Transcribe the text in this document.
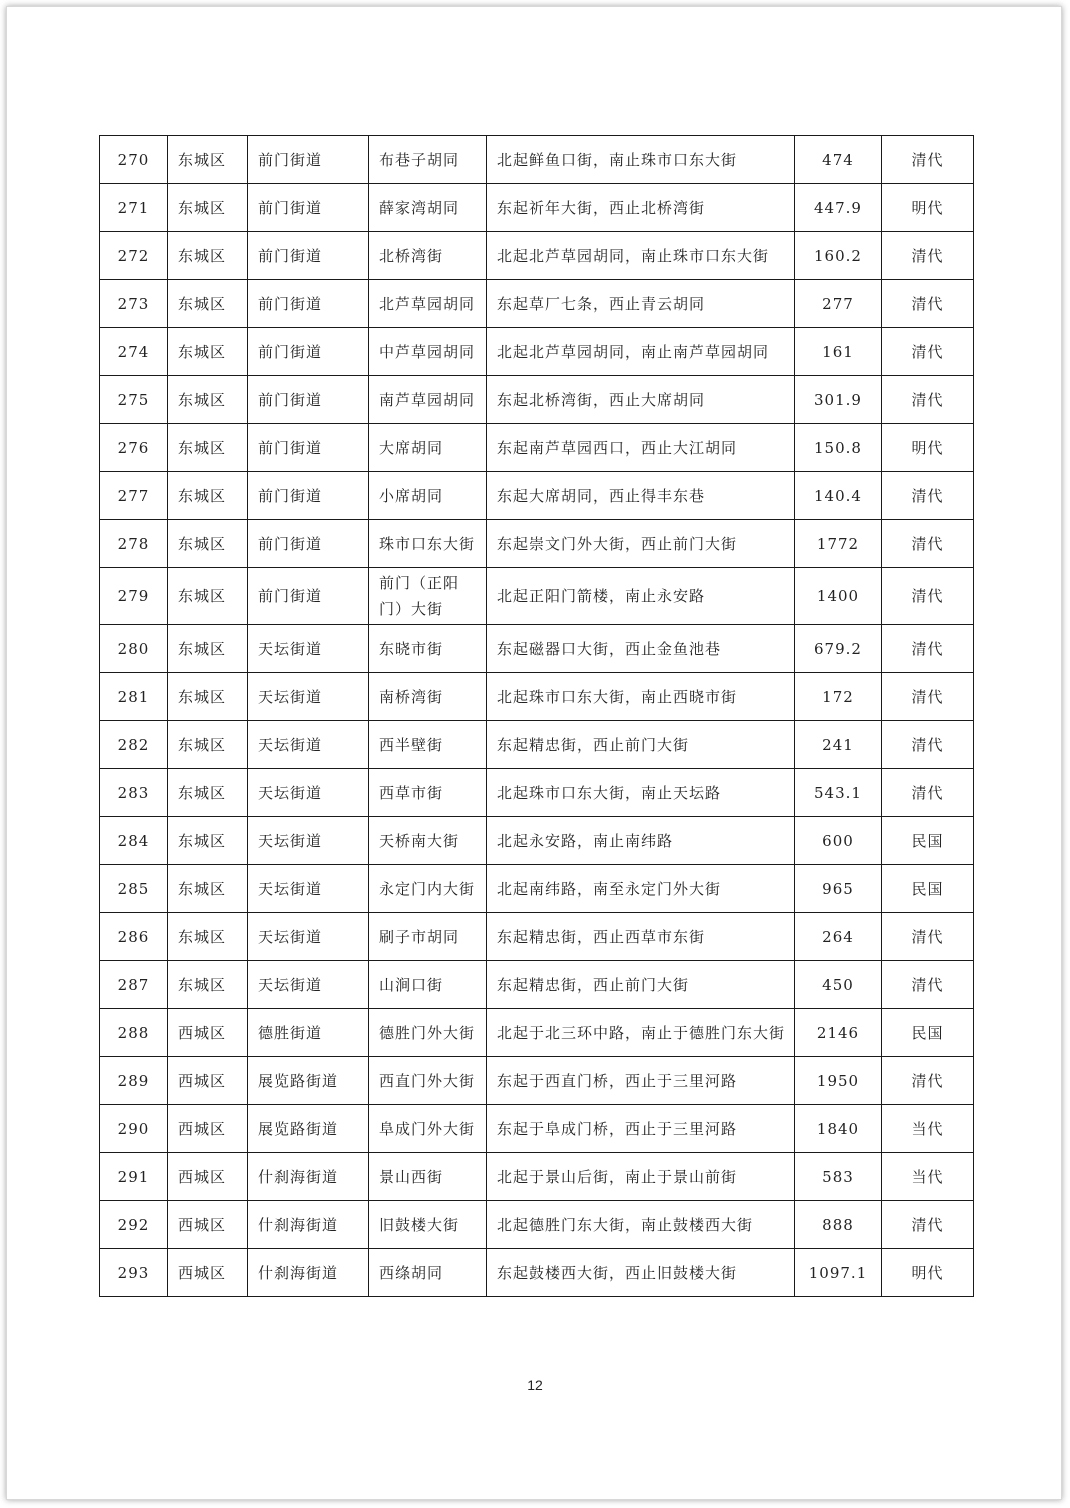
270	东城区	前门街道	布巷子胡同	北起鲜鱼口街，南止珠市口东大街	474	清代
271	东城区	前门街道	薛家湾胡同	东起祈年大街，西止北桥湾街	447.9	明代
272	东城区	前门街道	北桥湾街	北起北芦草园胡同，南止珠市口东大街	160.2	清代
273	东城区	前门街道	北芦草园胡同	东起草厂七条，西止青云胡同	277	清代
274	东城区	前门街道	中芦草园胡同	北起北芦草园胡同，南止南芦草园胡同	161	清代
275	东城区	前门街道	南芦草园胡同	东起北桥湾街，西止大席胡同	301.9	清代
276	东城区	前门街道	大席胡同	东起南芦草园西口，西止大江胡同	150.8	明代
277	东城区	前门街道	小席胡同	东起大席胡同，西止得丰东巷	140.4	清代
278	东城区	前门街道	珠市口东大街	东起崇文门外大街，西止前门大街	1772	清代
279	东城区	前门街道	前门（正阳门）大街	北起正阳门箭楼，南止永安路	1400	清代
280	东城区	天坛街道	东晓市街	东起磁器口大街，西止金鱼池巷	679.2	清代
281	东城区	天坛街道	南桥湾街	北起珠市口东大街，南止西晓市街	172	清代
282	东城区	天坛街道	西半壁街	东起精忠街，西止前门大街	241	清代
283	东城区	天坛街道	西草市街	北起珠市口东大街，南止天坛路	543.1	清代
284	东城区	天坛街道	天桥南大街	北起永安路，南止南纬路	600	民国
285	东城区	天坛街道	永定门内大街	北起南纬路，南至永定门外大街	965	民国
286	东城区	天坛街道	刷子市胡同	东起精忠街，西止西草市东街	264	清代
287	东城区	天坛街道	山涧口街	东起精忠街，西止前门大街	450	清代
288	西城区	德胜街道	德胜门外大街	北起于北三环中路，南止于德胜门东大街	2146	民国
289	西城区	展览路街道	西直门外大街	东起于西直门桥，西止于三里河路	1950	清代
290	西城区	展览路街道	阜成门外大街	东起于阜成门桥，西止于三里河路	1840	当代
291	西城区	什刹海街道	景山西街	北起于景山后街，南止于景山前街	583	当代
292	西城区	什刹海街道	旧鼓楼大街	北起德胜门东大街，南止鼓楼西大街	888	清代
293	西城区	什刹海街道	西绦胡同	东起鼓楼西大街，西止旧鼓楼大街	1097.1	明代
12
